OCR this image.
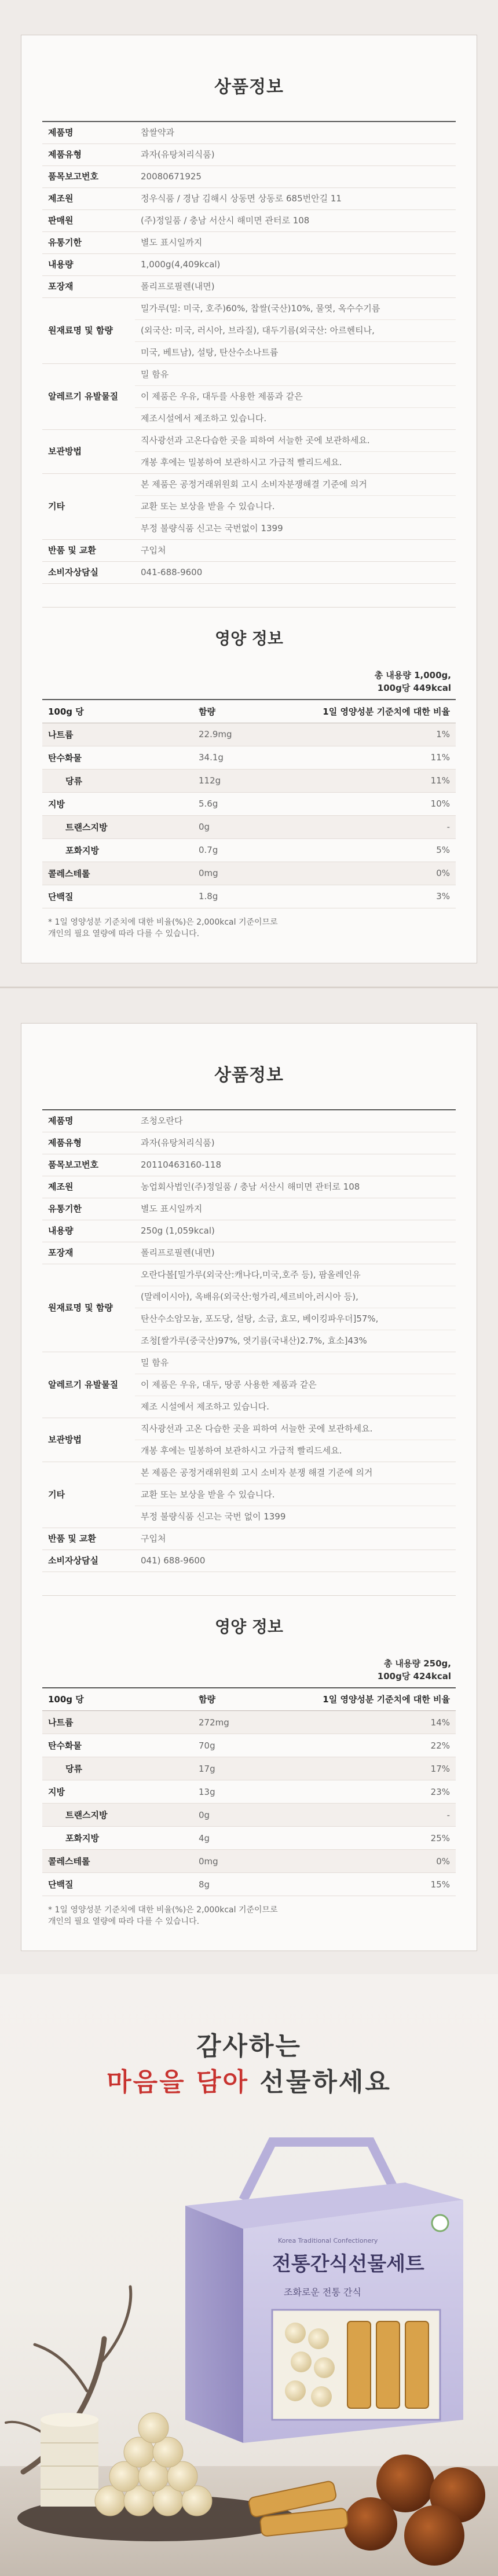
상품정보
제품명	찹쌀약과

제품유형	과자(유탕처리식품)

품목보고번호	20080671925

제조원	정우식품 / 경남 김해시 상동면 상동로 685번안길 11

판매원	(주)정일품 / 충남 서산시 해미면 관터로 108

유통기한	별도 표시일까지

내용량	1,000g(4,409kcal)

포장재	폴리프로필렌(내면)

원재료명 및 함량	밀가루(밀: 미국, 호주)60%, 찹쌀(국산)10%, 물엿, 옥수수기름
(외국산: 미국, 러시아, 브라질), 대두기름(외국산: 아르헨티나,
미국, 베트남), 설탕, 탄산수소나트륨

알레르기 유발물질	밀 함유
이 제품은 우유, 대두를 사용한 제품과 같은
제조시설에서 제조하고 있습니다.

보관방법	직사광선과 고온다습한 곳을 피하여 서늘한 곳에 보관하세요.
개봉 후에는 밀봉하여 보관하시고 가급적 빨리드세요.

기타	본 제품은 공정거래위원회 고시 소비자분쟁해결 기준에 의거
교환 또는 보상을 받을 수 있습니다.
부정 불량식품 신고는 국번없이 1399

반품 및 교환	구입처

소비자상담실	041-688-9600
영양 정보
총 내용량 1,000g,
100g당 449kcal
100g 당	함량	1일 영양성분 기준치에 대한 비율
나트륨	22.9mg	1%
탄수화물	34.1g	11%
당류	112g	11%
지방	5.6g	10%
트랜스지방	0g	-
포화지방	0.7g	5%
콜레스테롤	0mg	0%
단백질	1.8g	3%
* 1일 영양성분 기준치에 대한 비율(%)은 2,000kcal 기준이므로
개인의 필요 열량에 따라 다를 수 있습니다.
상품정보
제품명	조청오란다

제품유형	과자(유탕처리식품)

품목보고번호	20110463160-118

제조원	농업회사법인(주)정일품 / 충남 서산시 해미면 관터로 108

유통기한	별도 표시일까지

내용량	250g (1,059kcal)

포장재	폴리프로필렌(내면)

원재료명 및 함량	오란다볼[밀가루(외국산:캐나다,미국,호주 등), 팜올레인유
(말레이시아), 옥배유(외국산:헝가리,세르비아,러시아 등),
탄산수소암모늄, 포도당, 설탕, 소금, 효모, 베이킹파우더]57%,
조청[쌀가루(중국산)97%, 엿기름(국내산)2.7%, 효소]43%

알레르기 유발물질	밀 함유
이 제품은 우유, 대두, 땅콩 사용한 제품과 같은
제조 시설에서 제조하고 있습니다.

보관방법	직사광선과 고온 다습한 곳을 피하여 서늘한 곳에 보관하세요.
개봉 후에는 밀봉하여 보관하시고 가급적 빨리드세요.

기타	본 제품은 공정거래위원회 고시 소비자 분쟁 해결 기준에 의거
교환 또는 보상을 받을 수 있습니다.
부정 불량식품 신고는 국번 없이 1399

반품 및 교환	구입처

소비자상담실	041) 688-9600
영양 정보
총 내용량 250g,
100g당 424kcal
100g 당	함량	1일 영양성분 기준치에 대한 비율
나트륨	272mg	14%
탄수화물	70g	22%
당류	17g	17%
지방	13g	23%
트랜스지방	0g	-
포화지방	4g	25%
콜레스테롤	0mg	0%
단백질	8g	15%
* 1일 영양성분 기준치에 대한 비율(%)은 2,000kcal 기준이므로
개인의 필요 열량에 따라 다를 수 있습니다.
감사하는
마음을 담아 선물하세요
Korea Traditional Confectionery
전통간식선물세트
조화로운 전통 간식
